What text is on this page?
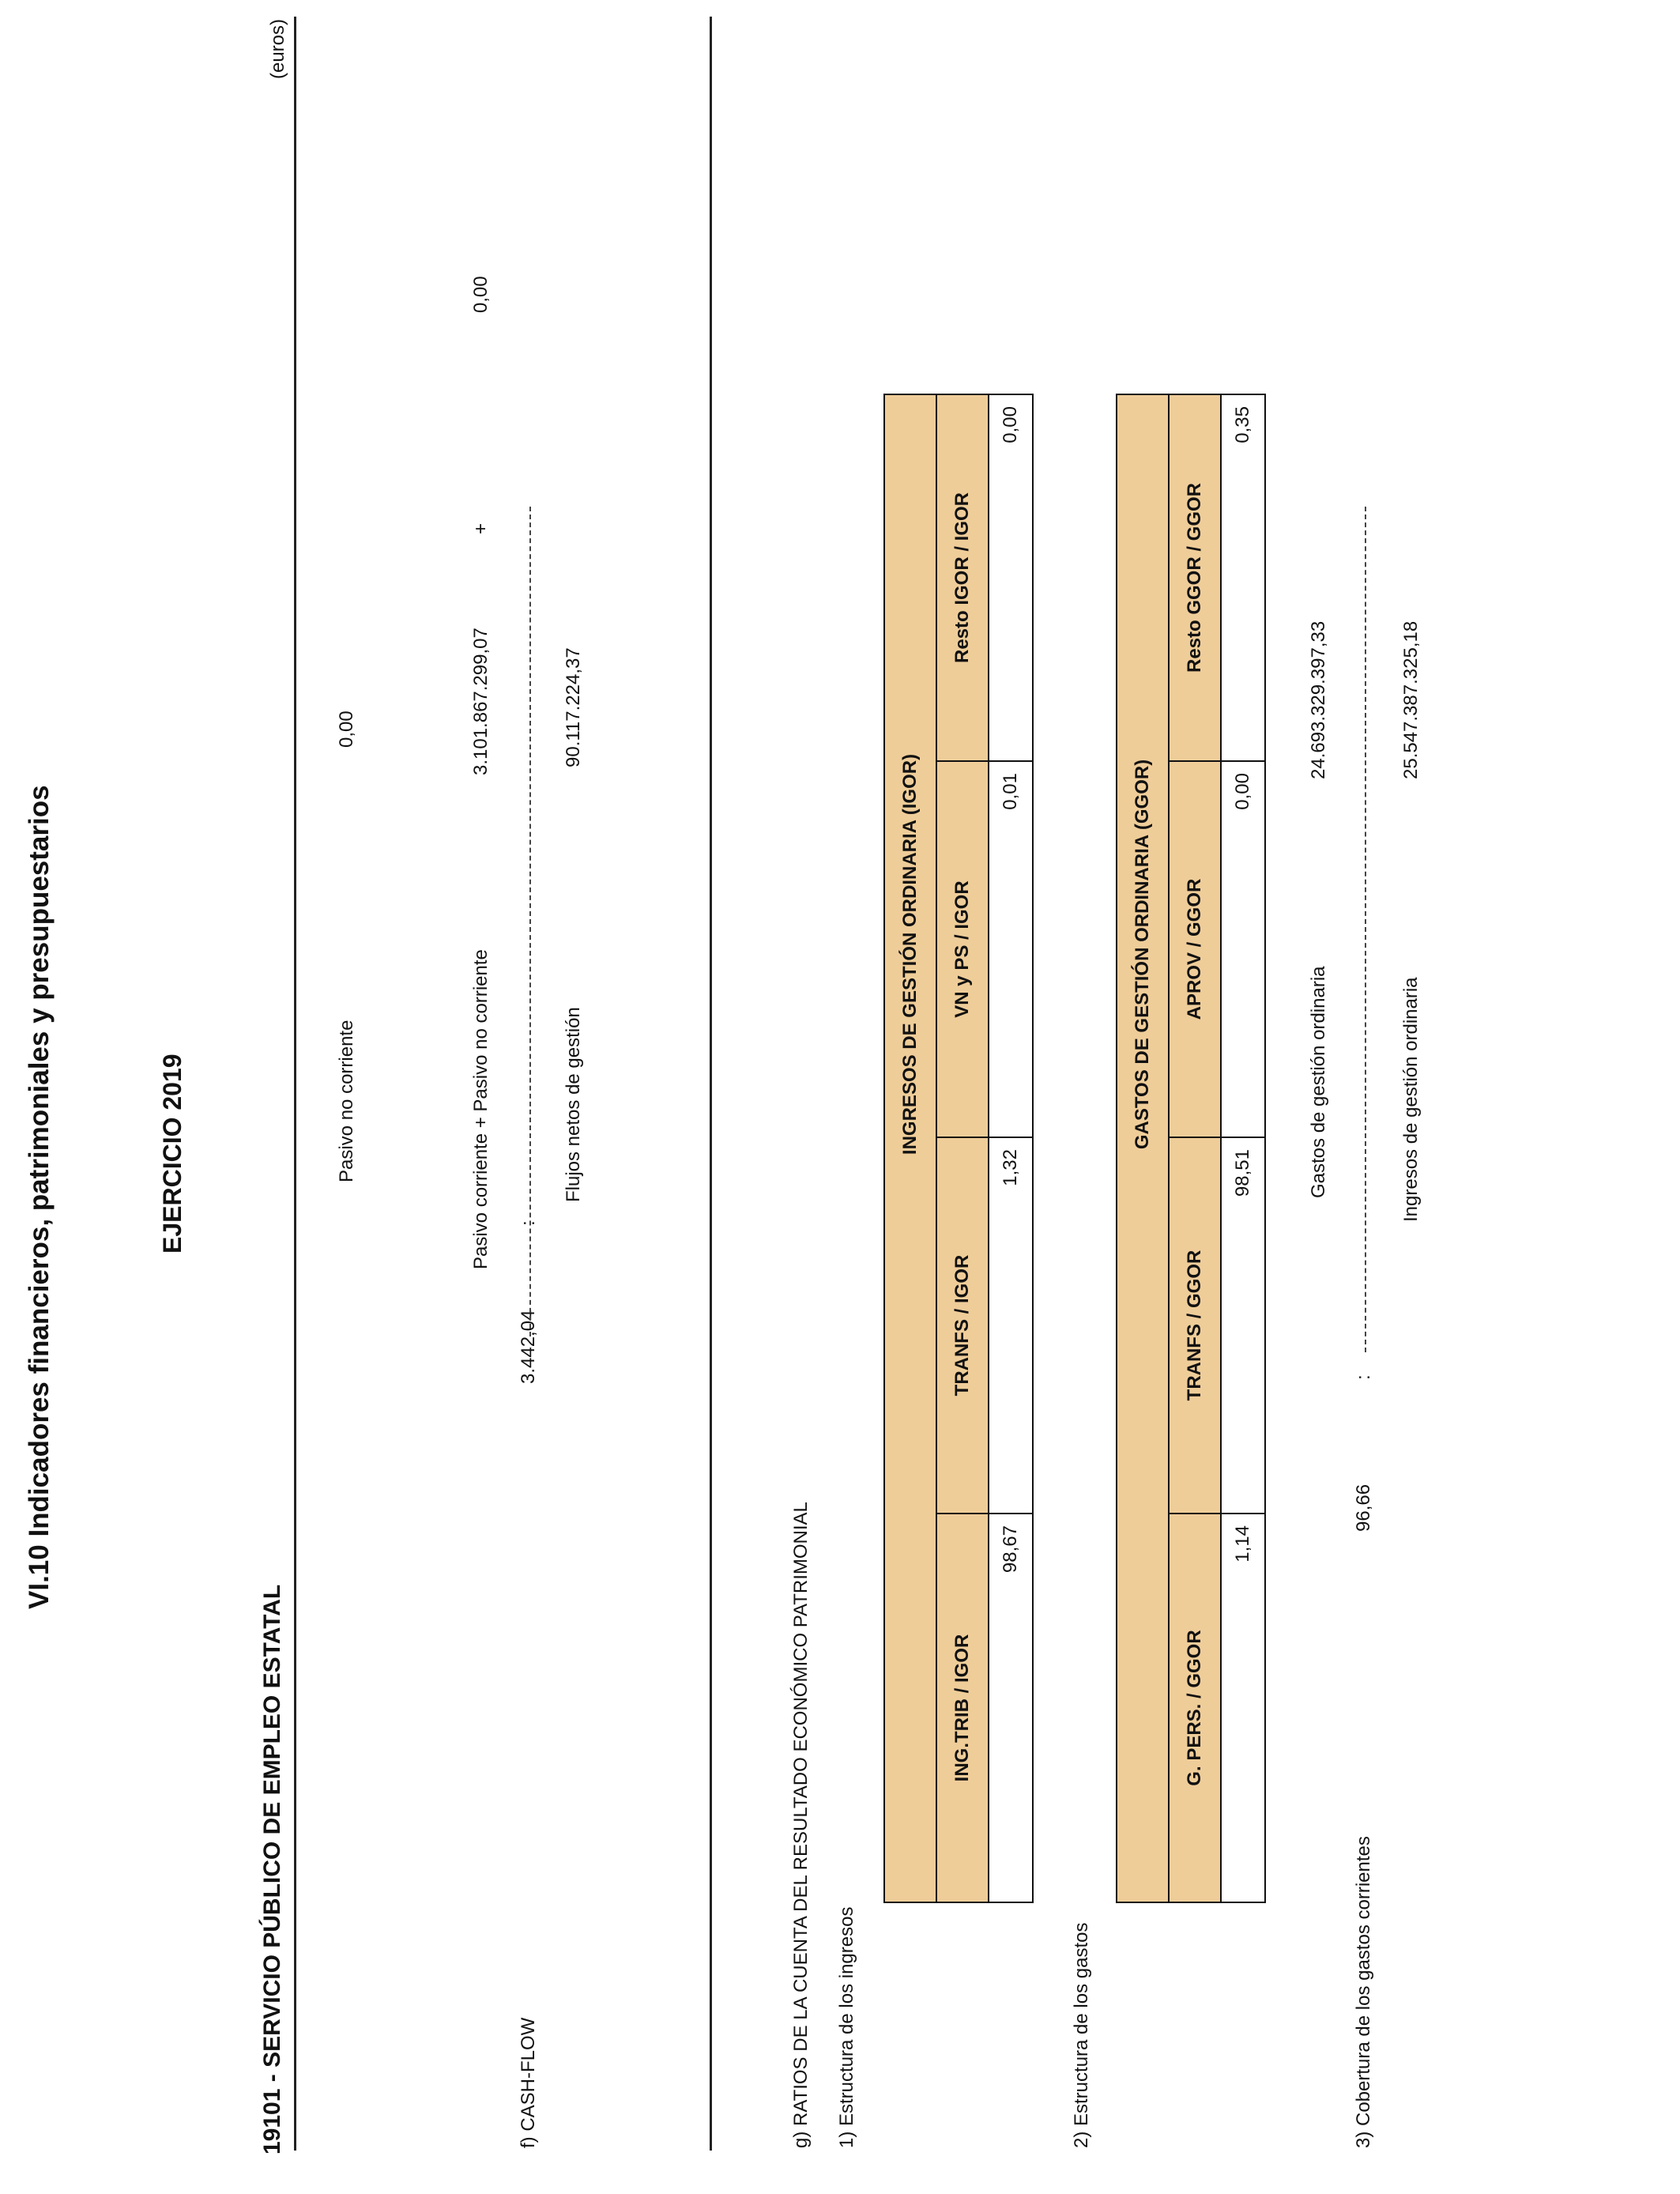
VI.10 Indicadores financieros, patrimoniales y presupuestarios	EJERCICIO 2019
19101 - SERVICIO PÚBLICO DE EMPLEO ESTATAL
(euros)
Pasivo no corriente
0,00
Pasivo corriente + Pasivo no corriente
3.101.867.299,07
+
0,00
f) CASH-FLOW
3.442,04
:
Flujos netos de gestión
90.117.224,37
g) RATIOS DE LA CUENTA DEL RESULTADO ECONÓMICO PATRIMONIAL 1) Estructura de los ingresos
	INGRESOS DE GESTIÓN ORDINARIA (IGOR)		
ING.TRIB / IGOR	TRANFS / IGOR	VN y PS / IGOR	Resto IGOR / IGOR
98,67	1,32	0,01	0,00
2) Estructura de los gastos
	GASTOS DE GESTIÓN ORDINARIA (GGOR)		
G. PERS. / GGOR	TRANFS / GGOR	APROV / GGOR	Resto GGOR / GGOR
1,14	98,51	0,00	0,35
Gastos de gestión ordinaria
24.693.329.397,33
3) Cobertura de los gastos corrientes
96,66
:
Ingresos de gestión ordinaria
25.547.387.325,18
